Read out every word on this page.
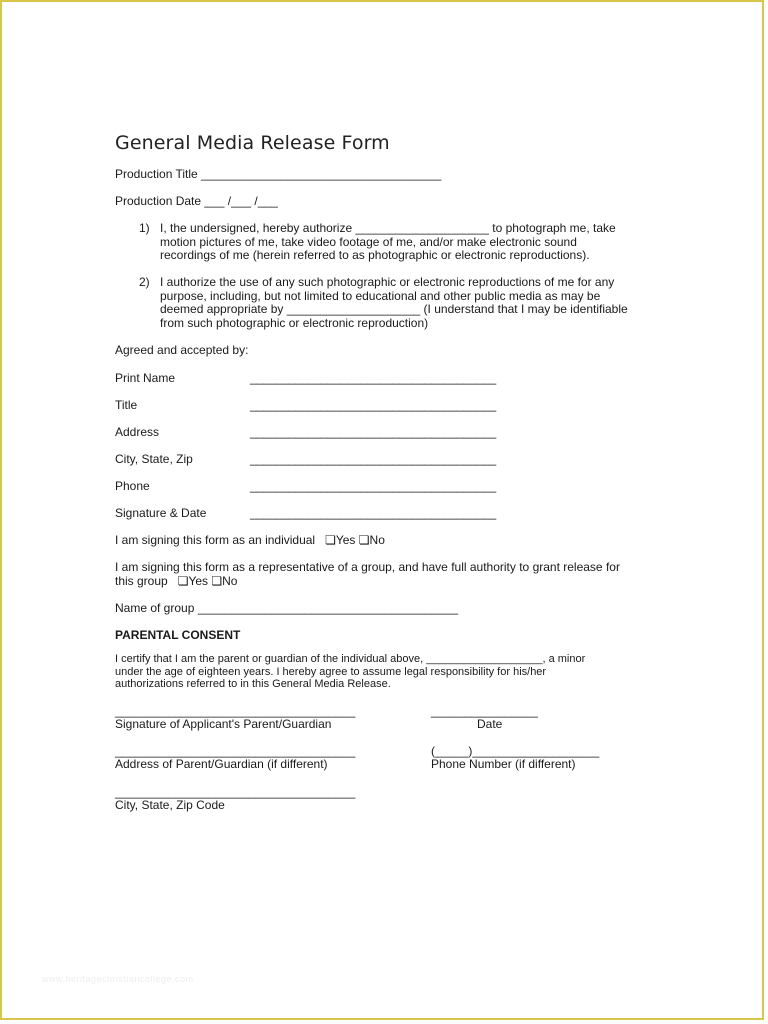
General Media Release Form
Production Title ____________________________________
Production Date ___ /___ /___
1) I, the undersigned, hereby authorize ____________________ to photograph me, take
motion pictures of me, take video footage of me, and/or make electronic sound
recordings of me (herein referred to as photographic or electronic reproductions).
2) I authorize the use of any such photographic or electronic reproductions of me for any
purpose, including, but not limited to educational and other public media as may be
deemed appropriate by ____________________ (I understand that I may be identifiable
from such photographic or electronic reproduction)
Agreed and accepted by:
Print Name	______________________________________
Title	______________________________________
Address	______________________________________
City, State, Zip	______________________________________
Phone	______________________________________
Signature & Date	______________________________________
I am signing this form as an individual   ❏Yes ❏No
I am signing this form as a representative of a group, and have full authority to grant release for
this group   ❏Yes ❏No
Name of group _______________________________________
PARENTAL CONSENT
I certify that I am the parent or guardian of the individual above, ___________________, a minor
under the age of eighteen years. I hereby agree to assume legal responsibility for his/her
authorizations referred to in this General Media Release.
____________________________________
Signature of Applicant's Parent/Guardian
________________
Date
____________________________________
Address of Parent/Guardian (if different)
(_____)___________________
Phone Number (if different)
____________________________________
City, State, Zip Code
www.heritagechristiancollege.com
